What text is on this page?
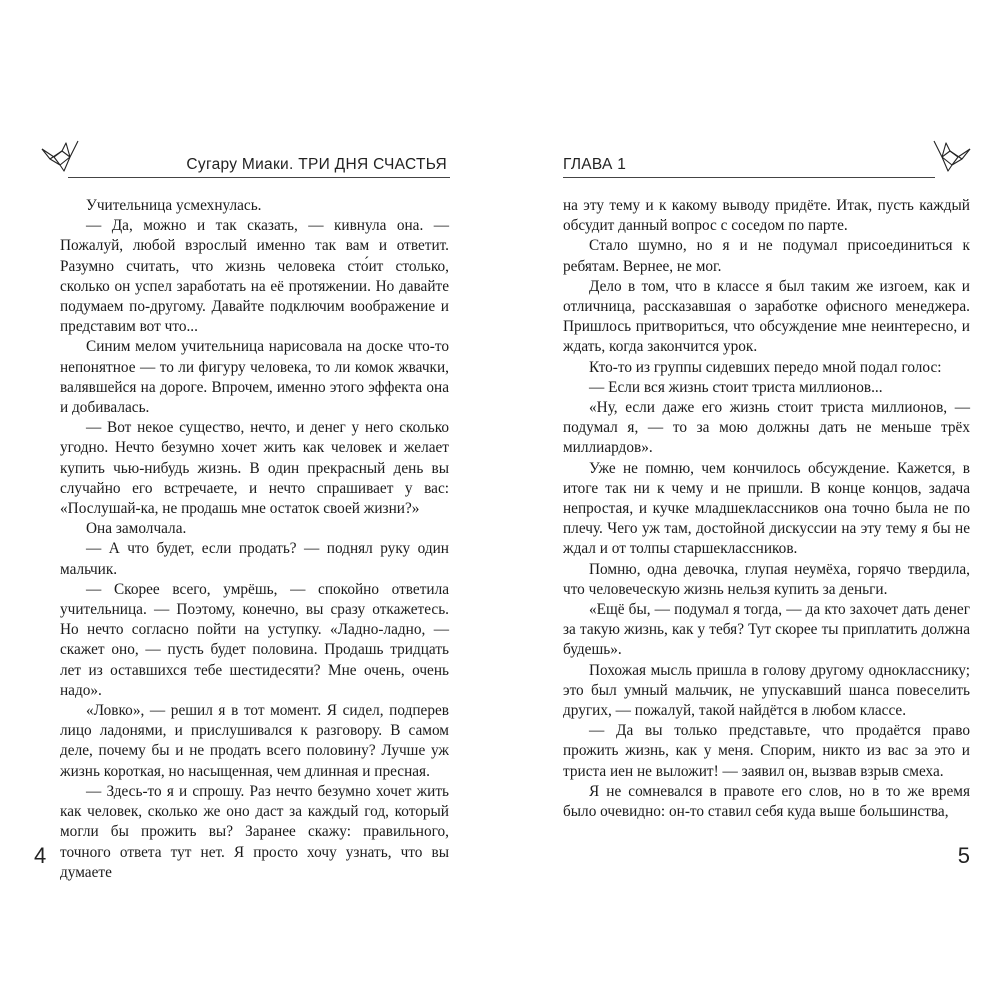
Сугару Миаки. ТРИ ДНЯ СЧАСТЬЯ

Учительница усмехнулась.

— Да, можно и так сказать, — кивнула она. — Пожалуй, любой взрослый именно так вам и ответит. Разумно считать, что жизнь человека сто́ит столько, сколько он успел заработать на её протяжении. Но давайте подумаем по-другому. Давайте подключим воображение и представим вот что...

Синим мелом учительница нарисовала на доске что-то непонятное — то ли фигуру человека, то ли комок жвачки, валявшейся на дороге. Впрочем, именно этого эффекта она и добивалась.

— Вот некое существо, нечто, и денег у него сколько угодно. Нечто безумно хочет жить как человек и желает купить чью-нибудь жизнь. В один прекрасный день вы случайно его встречаете, и нечто спрашивает у вас: «Послушай-ка, не продашь мне остаток своей жизни?»

Она замолчала.

— А что будет, если продать? — поднял руку один мальчик.

— Скорее всего, умрёшь, — спокойно ответила учительница. — Поэтому, конечно, вы сразу откажетесь. Но нечто согласно пойти на уступку. «Ладно-ладно, — скажет оно, — пусть будет половина. Продашь тридцать лет из оставшихся тебе шестидесяти? Мне очень, очень надо».

«Ловко», — решил я в тот момент. Я сидел, подперев лицо ладонями, и прислушивался к разговору. В самом деле, почему бы и не продать всего половину? Лучше уж жизнь короткая, но насыщенная, чем длинная и пресная.

— Здесь-то я и спрошу. Раз нечто безумно хочет жить как человек, сколько же оно даст за каждый год, который могли бы прожить вы? Заранее скажу: правильного, точного ответа тут нет. Я просто хочу узнать, что вы думаете

4
ГЛАВА 1

на эту тему и к какому выводу придёте. Итак, пусть каждый обсудит данный вопрос с соседом по парте.

Стало шумно, но я и не подумал присоединиться к ребятам. Вернее, не мог.

Дело в том, что в классе я был таким же изгоем, как и отличница, рассказавшая о заработке офисного менеджера. Пришлось притвориться, что обсуждение мне неинтересно, и ждать, когда закончится урок.

Кто-то из группы сидевших передо мной подал голос:

— Если вся жизнь стоит триста миллионов...

«Ну, если даже его жизнь стоит триста миллионов, — подумал я, — то за мою должны дать не меньше трёх миллиардов».

Уже не помню, чем кончилось обсуждение. Кажется, в итоге так ни к чему и не пришли. В конце концов, задача непростая, и кучке младшеклассников она точно была не по плечу. Чего уж там, достойной дискуссии на эту тему я бы не ждал и от толпы старшеклассников.

Помню, одна девочка, глупая неумёха, горячо твердила, что человеческую жизнь нельзя купить за деньги.

«Ещё бы, — подумал я тогда, — да кто захочет дать денег за такую жизнь, как у тебя? Тут скорее ты приплатить должна будешь».

Похожая мысль пришла в голову другому однокласснику; это был умный мальчик, не упускавший шанса повеселить других, — пожалуй, такой найдётся в любом классе.

— Да вы только представьте, что продаётся право прожить жизнь, как у меня. Спорим, никто из вас за это и триста иен не выложит! — заявил он, вызвав взрыв смеха.

Я не сомневался в правоте его слов, но в то же время было очевидно: он-то ставил себя куда выше большинства,

5
